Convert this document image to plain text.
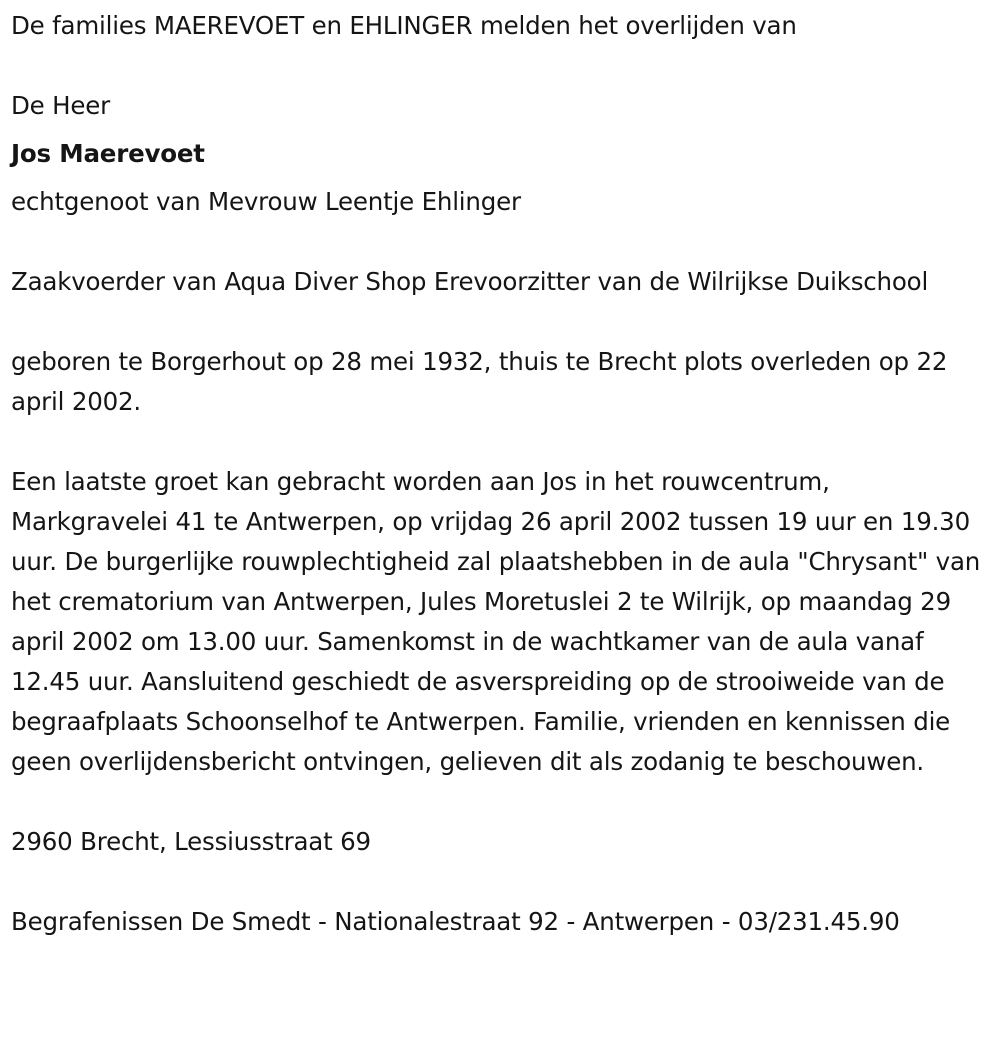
De families MAEREVOET en EHLINGER melden het overlijden van

De Heer

Jos Maerevoet

echtgenoot van Mevrouw Leentje Ehlinger

Zaakvoerder van Aqua Diver Shop Erevoorzitter van de Wilrijkse Duikschool

geboren te Borgerhout op 28 mei 1932, thuis te Brecht plots overleden op 22 april 2002.

Een laatste groet kan gebracht worden aan Jos in het rouwcentrum, Markgravelei 41 te Antwerpen, op vrijdag 26 april 2002 tussen 19 uur en 19.30 uur. De burgerlijke rouwplechtigheid zal plaatshebben in de aula "Chrysant" van het crematorium van Antwerpen, Jules Moretuslei 2 te Wilrijk, op maandag 29 april 2002 om 13.00 uur. Samenkomst in de wachtkamer van de aula vanaf 12.45 uur. Aansluitend geschiedt de asverspreiding op de strooiweide van de begraafplaats Schoonselhof te Antwerpen. Familie, vrienden en kennissen die geen overlijdensbericht ontvingen, gelieven dit als zodanig te beschouwen.

2960 Brecht, Lessiusstraat 69

Begrafenissen De Smedt - Nationalestraat 92 - Antwerpen - 03/231.45.90
